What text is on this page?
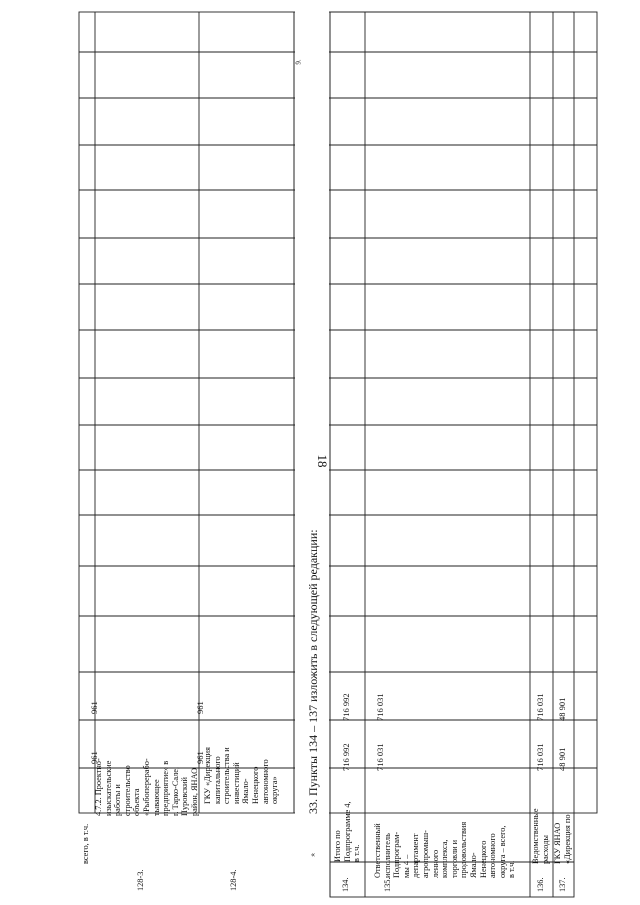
18
9.
«
33. Пункты 134 – 137 изложить в следующей редакции:
всего, в т.ч.
128-3.
4.7.2. Проектно-
изыскательские
работы и
строительство
объекта
«Рыбоперерабо-
тывающее
предприятие» в
г. Тарко-Сале,
Пуровский
район, ЯНАО
961
961
128-4.
ГКУ «Дирекция
капитального
строительства и
инвестиций
Ямало-
Ненецкого
автономного
округа»
961
961
134.
Итого по
Подпрограмме 4,
в т.ч.
716 992
716 992
135.
Ответственный
исполнитель
Подпрограм-
мы 4 –
департамент
агропромыш-
ленного
комплекса,
торговли и
продовольствия
Ямало-
Ненецкого
автономного
округа – всего,
в т.ч.
716 031
716 031
136.
Ведомственные
расходы
716 031
716 031
137.
ГКУ ЯНАО
«Дирекция по
48 901
48 901
